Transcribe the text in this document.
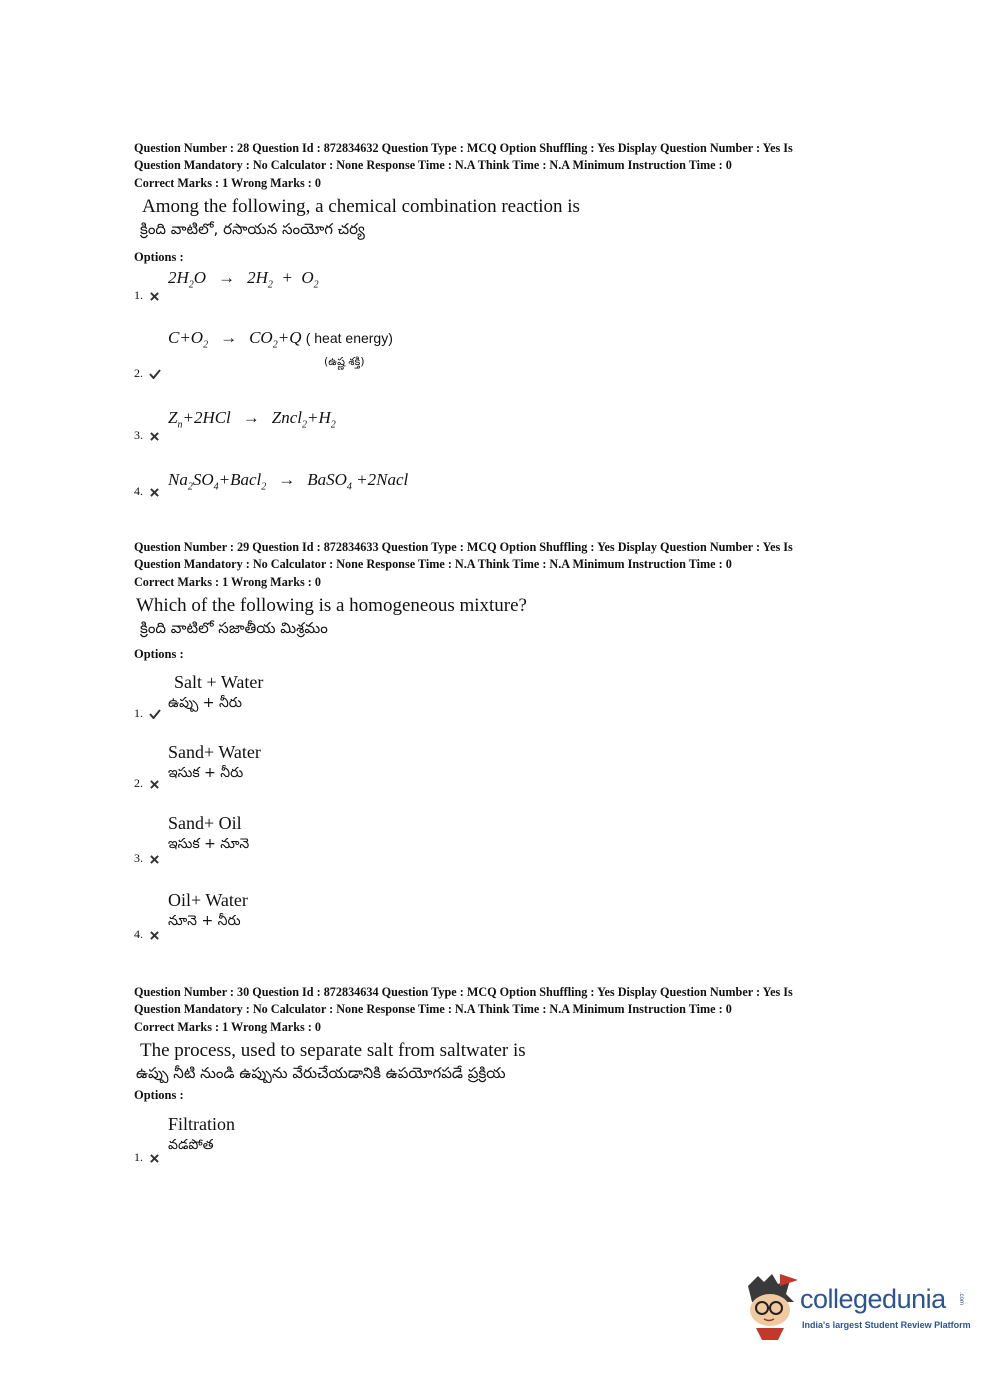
Question Number : 28 Question Id : 872834632 Question Type : MCQ Option Shuffling : Yes Display Question Number : Yes Is

Question Mandatory : No Calculator : None Response Time : N.A Think Time : N.A Minimum Instruction Time : 0

Correct Marks : 1 Wrong Marks : 0

Among the following, a chemical combination reaction is
క్రింది వాటిలో, రసాయన సంయోగ చర్య
Options :
$2H_2O \to 2H_2 + O_2$
1.
$C+O_2 \to CO_2+Q$ ( heat energy)
(ఉష్ణ శక్తి)
2.
$Z_n+2HCl$ → $Zncl_2+H_2$
3.
$Na_2SO_4+Bacl_2$ → BaSO$_4$ +2Nacl
4.

Question Number : 29 Question Id : 872834633 Question Type : MCQ Option Shuffling : Yes Display Question Number : Yes Is

Question Mandatory : No Calculator : None Response Time : N.A Think Time : N.A Minimum Instruction Time : 0

Correct Marks : 1 Wrong Marks : 0

Which of the following is a homogeneous mixture?
క్రింది వాటిలో సజాతీయ మిశ్రమం
Options :
Salt + Water
ఉప్పు + నీరు
1.
Sand+ Water
ఇసుక + నీరు
2.
Sand+ Oil
ఇసుక + నూనె
3.
Oil+ Water
నూనె + నీరు
4.

Question Number : 30 Question Id : 872834634 Question Type : MCQ Option Shuffling : Yes Display Question Number : Yes Is

Question Mandatory : No Calculator : None Response Time : N.A Think Time : N.A Minimum Instruction Time : 0

Correct Marks : 1 Wrong Marks : 0

The process, used to separate salt from saltwater is
ఉప్పు నీటి నుండి ఉప్పును వేరుచేయడానికి ఉపయోగపడే ప్రక్రియ
Options :
Filtration
వడపోత
1.
collegedunia .com
India's largest Student Review Platform
